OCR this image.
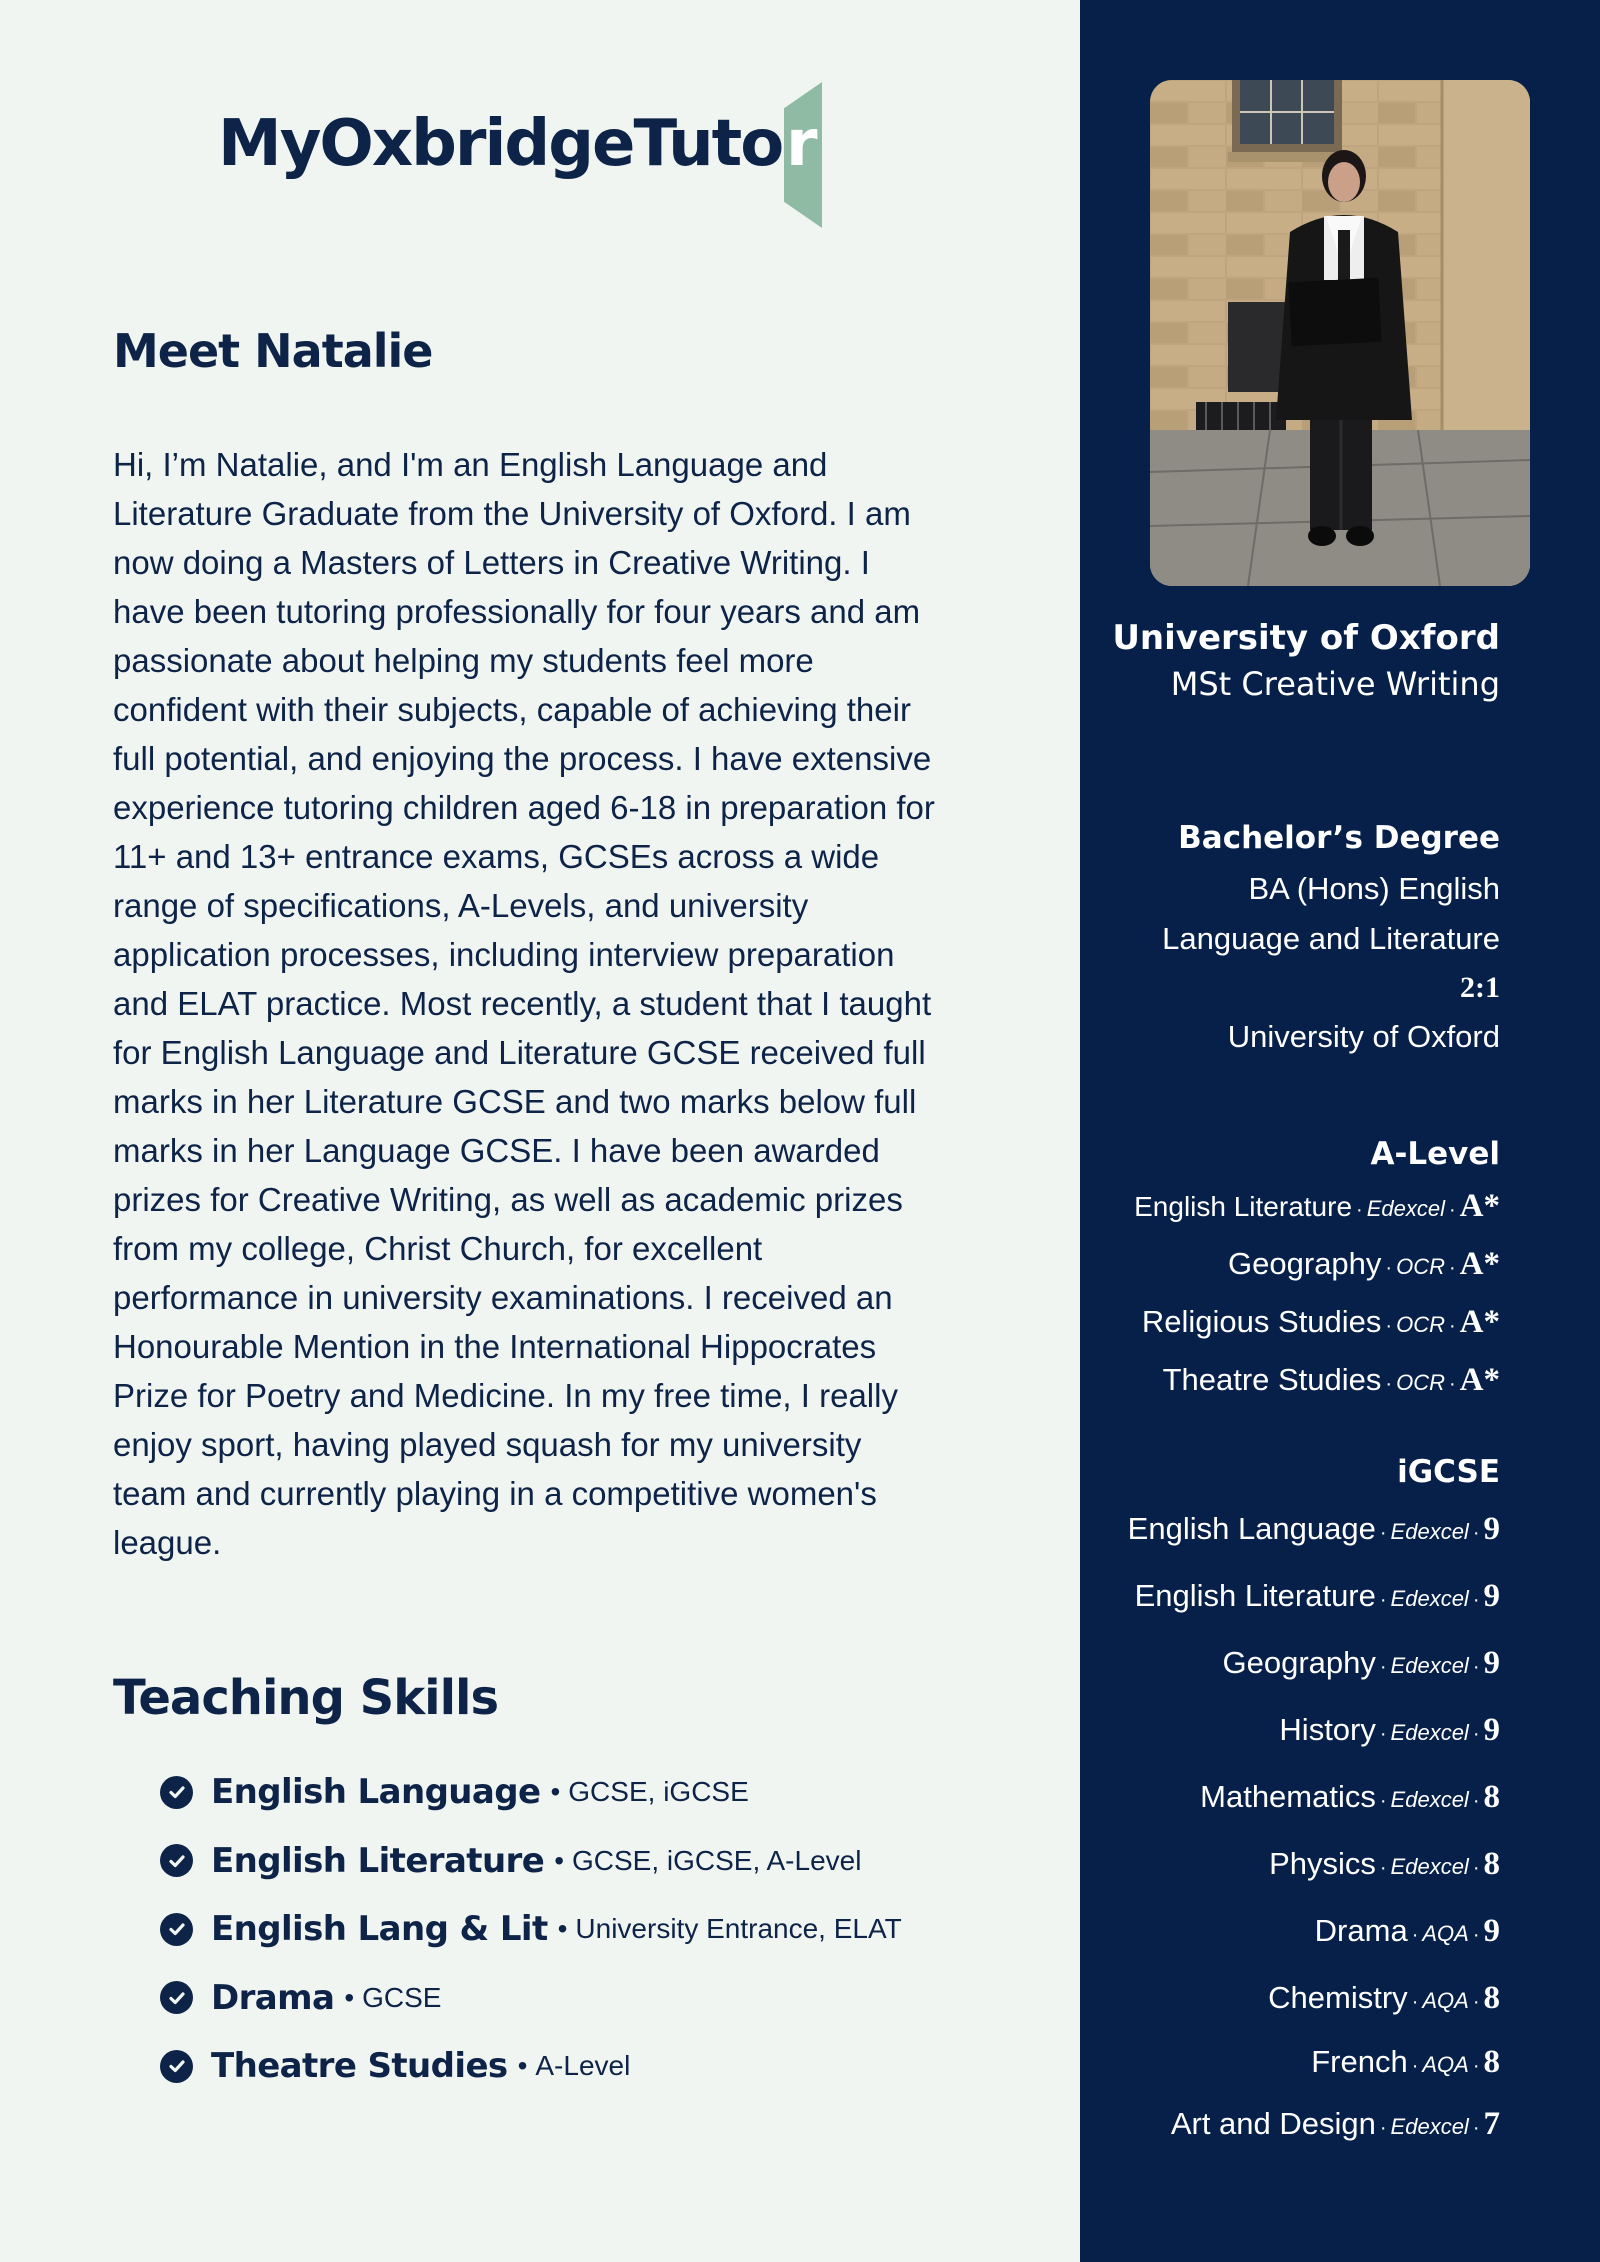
MyOxbridgeTuto r
Meet Natalie

Hi, I’m Natalie, and I'm an English Language and Literature Graduate from the University of Oxford. I am now doing a Masters of Letters in Creative Writing. I have been tutoring professionally for four years and am passionate about helping my students feel more confident with their subjects, capable of achieving their full potential, and enjoying the process. I have extensive experience tutoring children aged 6-18 in preparation for 11+ and 13+ entrance exams, GCSEs across a wide range of specifications, A-Levels, and university application processes, including interview preparation and ELAT practice. Most recently, a student that I taught for English Language and Literature GCSE received full marks in her Literature GCSE and two marks below full marks in her Language GCSE. I have been awarded prizes for Creative Writing, as well as academic prizes from my college, Christ Church, for excellent performance in university examinations. I received an Honourable Mention in the International Hippocrates Prize for Poetry and Medicine. In my free time, I really enjoy sport, having played squash for my university team and currently playing in a competitive women's league.

Teaching Skills
English Language • GCSE, iGCSE
English Literature • GCSE, iGCSE, A-Level
English Lang & Lit • University Entrance, ELAT
Drama • GCSE
Theatre Studies • A-Level
University of Oxford
MSt Creative Writing
Bachelor’s Degree
BA (Hons) English
Language and Literature
2:1
University of Oxford
A-Level
English Literature · Edexcel · A*
Geography · OCR · A*
Religious Studies · OCR · A*
Theatre Studies · OCR · A*
iGCSE
English Language · Edexcel · 9
English Literature · Edexcel · 9
Geography · Edexcel · 9
History · Edexcel · 9
Mathematics · Edexcel · 8
Physics · Edexcel · 8
Drama · AQA · 9
Chemistry · AQA · 8
French · AQA · 8
Art and Design · Edexcel · 7
